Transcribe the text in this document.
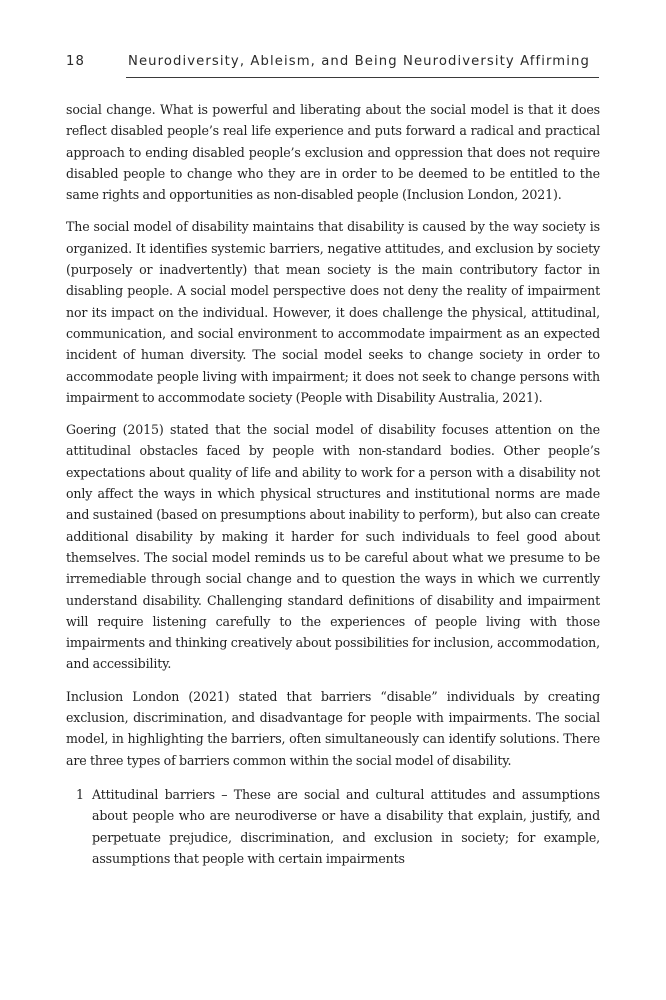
18	Neurodiversity, Ableism, and Being Neurodiversity Affirming

social change. What is powerful and liberating about the social model is that it does reflect disabled people’s real life experience and puts forward a radical and practical approach to ending disabled people’s exclusion and oppression that does not require disabled people to change who they are in order to be deemed to be entitled to the same rights and opportunities as non-disabled people (Inclusion London, 2021).

The social model of disability maintains that disability is caused by the way society is organized. It identifies systemic barriers, negative attitudes, and exclusion by society (purposely or inadvertently) that mean society is the main contributory factor in disabling people. A social model perspective does not deny the reality of impairment nor its impact on the individual. However, it does challenge the physical, attitudinal, communication, and social environment to accommodate impairment as an expected incident of human diversity. The social model seeks to change society in order to accommodate people living with impairment; it does not seek to change persons with impairment to accommodate society (People with Disability Australia, 2021).

Goering (2015) stated that the social model of disability focuses attention on the attitudinal obstacles faced by people with non-standard bodies. Other people’s expectations about quality of life and ability to work for a person with a disability not only affect the ways in which physical structures and institutional norms are made and sustained (based on presumptions about inability to perform), but also can create additional disability by making it harder for such individuals to feel good about themselves. The social model reminds us to be careful about what we presume to be irremediable through social change and to question the ways in which we currently understand disability. Challenging standard definitions of disability and impairment will require listening carefully to the experiences of people living with those impairments and thinking creatively about possibilities for inclusion, accommodation, and accessibility.

Inclusion London (2021) stated that barriers “disable” individuals by creating exclusion, discrimination, and disadvantage for people with impairments. The social model, in highlighting the barriers, often simultaneously can identify solutions. There are three types of barriers common within the social model of disability.

1 Attitudinal barriers – These are social and cultural attitudes and assumptions about people who are neurodiverse or have a disability that explain, justify, and perpetuate prejudice, discrimination, and exclusion in society; for example, assumptions that people with certain impairments
